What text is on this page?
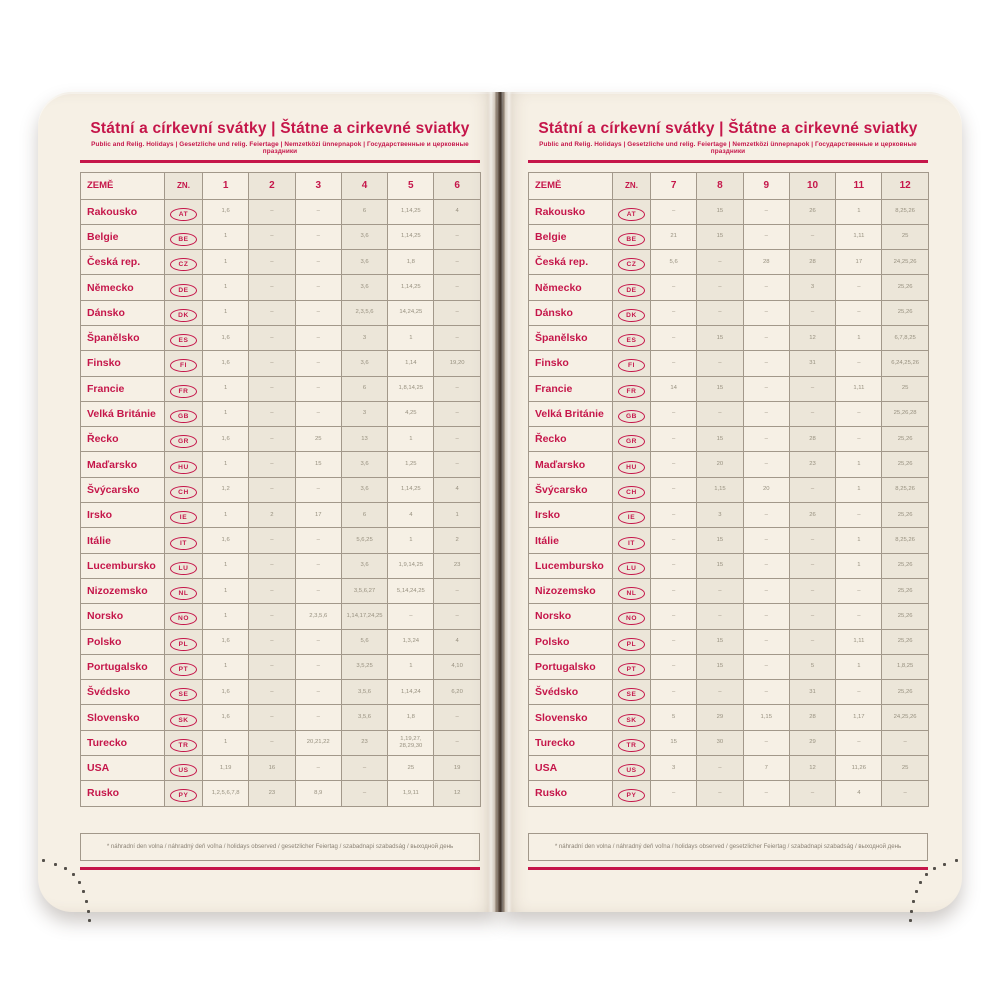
Státní a církevní svátky | Štátne a cirkevné sviatky
Public and Relig. Holidays | Gesetzliche und relig. Feiertage | Nemzetközi ünnepnapok | Государственные и церковные праздники
ZEMĚ	ZN.	1	2	3	4	5	6
Rakousko	AT	1,6	–	–	6	1,14,25	4
Belgie	BE	1	–	–	3,6	1,14,25	–
Česká rep.	CZ	1	–	–	3,6	1,8	–
Německo	DE	1	–	–	3,6	1,14,25	–
Dánsko	DK	1	–	–	2,3,5,6	14,24,25	–
Španělsko	ES	1,6	–	–	3	1	–
Finsko	FI	1,6	–	–	3,6	1,14	19,20
Francie	FR	1	–	–	6	1,8,14,25	–
Velká Británie	GB	1	–	–	3	4,25	–
Řecko	GR	1,6	–	25	13	1	–
Maďarsko	HU	1	–	15	3,6	1,25	–
Švýcarsko	CH	1,2	–	–	3,6	1,14,25	4
Irsko	IE	1	2	17	6	4	1
Itálie	IT	1,6	–	–	5,6,25	1	2
Lucembursko	LU	1	–	–	3,6	1,9,14,25	23
Nizozemsko	NL	1	–	–	3,5,6,27	5,14,24,25	–
Norsko	NO	1	–	2,3,5,6	1,14,17,24,25	–	–
Polsko	PL	1,6	–	–	5,6	1,3,24	4
Portugalsko	PT	1	–	–	3,5,25	1	4,10
Švédsko	SE	1,6	–	–	3,5,6	1,14,24	6,20
Slovensko	SK	1,6	–	–	3,5,6	1,8	–
Turecko	TR	1	–	20,21,22	23	1,19,27, 28,29,30	–
USA	US	1,19	16	–	–	25	19
Rusko	PY	1,2,5,6,7,8	23	8,9	–	1,9,11	12
* náhradní den volna / náhradný deň voľna / holidays observed / gesetzlicher Feiertag / szabadnapi szabadság / выходной день
Státní a církevní svátky | Štátne a cirkevné sviatky
Public and Relig. Holidays | Gesetzliche und relig. Feiertage | Nemzetközi ünnepnapok | Государственные и церковные праздники
ZEMĚ	ZN.	7	8	9	10	11	12
Rakousko	AT	–	15	–	26	1	8,25,26
Belgie	BE	21	15	–	–	1,11	25
Česká rep.	CZ	5,6	–	28	28	17	24,25,26
Německo	DE	–	–	–	3	–	25,26
Dánsko	DK	–	–	–	–	–	25,26
Španělsko	ES	–	15	–	12	1	6,7,8,25
Finsko	FI	–	–	–	31	–	6,24,25,26
Francie	FR	14	15	–	–	1,11	25
Velká Británie	GB	–	–	–	–	–	25,26,28
Řecko	GR	–	15	–	28	–	25,26
Maďarsko	HU	–	20	–	23	1	25,26
Švýcarsko	CH	–	1,15	20	–	1	8,25,26
Irsko	IE	–	3	–	26	–	25,26
Itálie	IT	–	15	–	–	1	8,25,26
Lucembursko	LU	–	15	–	–	1	25,26
Nizozemsko	NL	–	–	–	–	–	25,26
Norsko	NO	–	–	–	–	–	25,26
Polsko	PL	–	15	–	–	1,11	25,26
Portugalsko	PT	–	15	–	5	1	1,8,25
Švédsko	SE	–	–	–	31	–	25,26
Slovensko	SK	5	29	1,15	28	1,17	24,25,26
Turecko	TR	15	30	–	29	–	–
USA	US	3	–	7	12	11,26	25
Rusko	PY	–	–	–	–	4	–
* náhradní den volna / náhradný deň voľna / holidays observed / gesetzlicher Feiertag / szabadnapi szabadság / выходной день
